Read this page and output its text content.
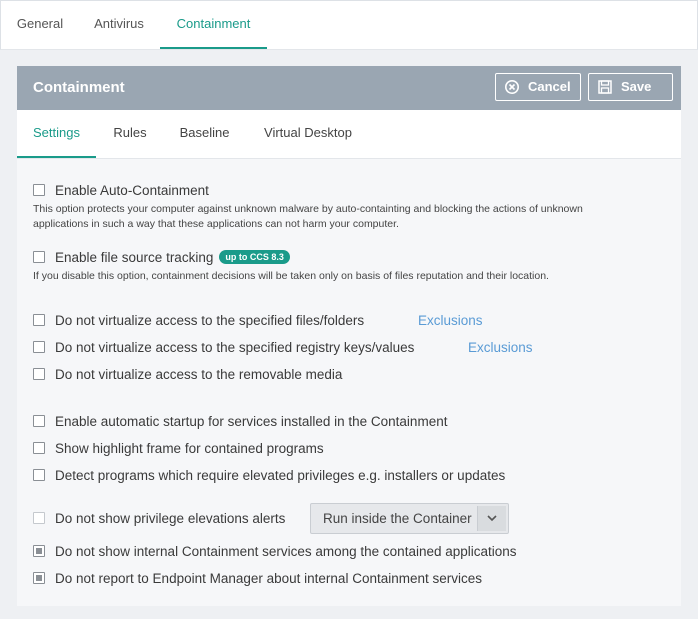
General	Antivirus	Containment
Containment	Cancel	Save
Settings	Rules	Baseline	Virtual Desktop
Enable Auto-Containment
This option protects your computer against unknown malware by auto-containting and blocking the actions of unknown
applications in such a way that these applications can not harm your computer.
Enable file source tracking up to CCS 8.3
If you disable this option, containment decisions will be taken only on basis of files reputation and their location.
Do not virtualize access to the specified files/folders	Exclusions
Do not virtualize access to the specified registry keys/values	Exclusions
Do not virtualize access to the removable media
Enable automatic startup for services installed in the Containment
Show highlight frame for contained programs
Detect programs which require elevated privileges e.g. installers or updates
Do not show privilege elevations alerts	Run inside the Container
Do not show internal Containment services among the contained applications
Do not report to Endpoint Manager about internal Containment services
